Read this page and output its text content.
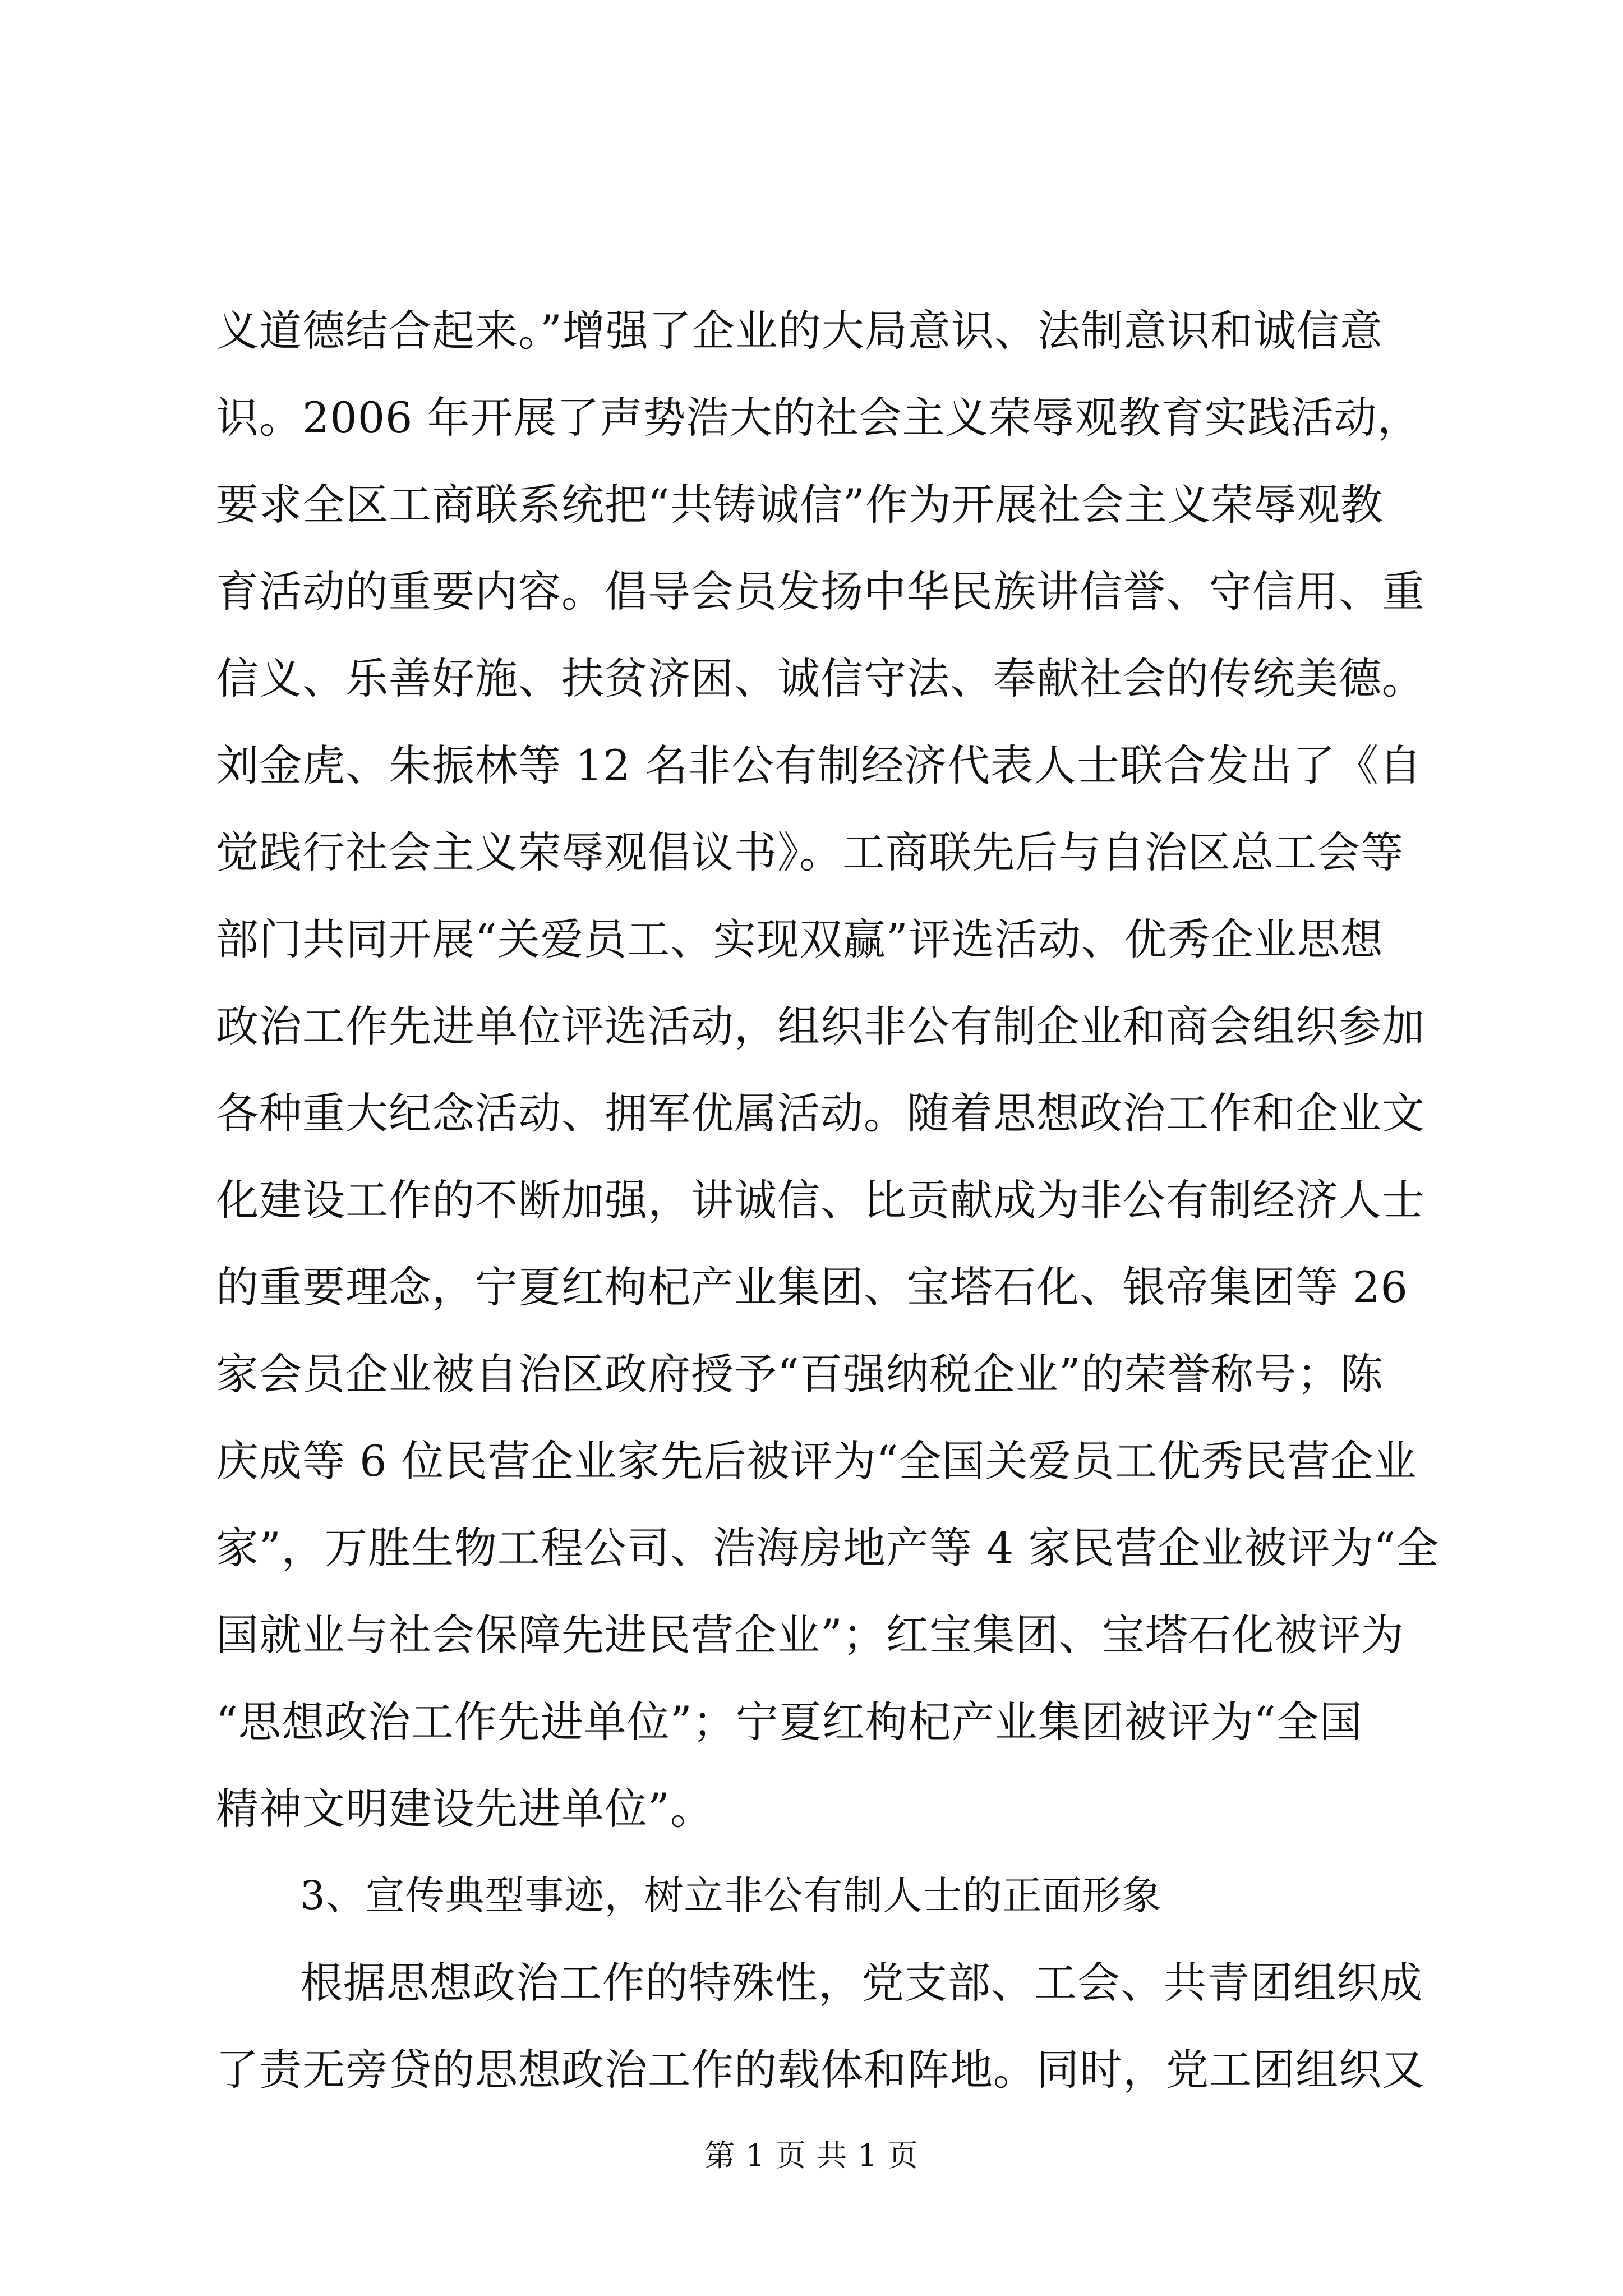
义道德结合起来。”增强了企业的大局意识、法制意识和诚信意
识。2006 年开展了声势浩大的社会主义荣辱观教育实践活动，
要求全区工商联系统把“共铸诚信”作为开展社会主义荣辱观教
育活动的重要内容。倡导会员发扬中华民族讲信誉、守信用、重
信义、乐善好施、扶贫济困、诚信守法、奉献社会的传统美德。
刘金虎、朱振林等 12 名非公有制经济代表人士联合发出了《自
觉践行社会主义荣辱观倡议书》。工商联先后与自治区总工会等
部门共同开展“关爱员工、实现双赢”评选活动、优秀企业思想
政治工作先进单位评选活动，组织非公有制企业和商会组织参加
各种重大纪念活动、拥军优属活动。随着思想政治工作和企业文
化建设工作的不断加强，讲诚信、比贡献成为非公有制经济人士
的重要理念，宁夏红枸杞产业集团、宝塔石化、银帝集团等 26
家会员企业被自治区政府授予“百强纳税企业”的荣誉称号；陈
庆成等 6 位民营企业家先后被评为“全国关爱员工优秀民营企业
家”，万胜生物工程公司、浩海房地产等 4 家民营企业被评为“全
国就业与社会保障先进民营企业”；红宝集团、宝塔石化被评为
“思想政治工作先进单位”；宁夏红枸杞产业集团被评为“全国
精神文明建设先进单位”。
3、宣传典型事迹，树立非公有制人士的正面形象
根据思想政治工作的特殊性，党支部、工会、共青团组织成
了责无旁贷的思想政治工作的载体和阵地。同时，党工团组织又
第 1 页 共 1 页
